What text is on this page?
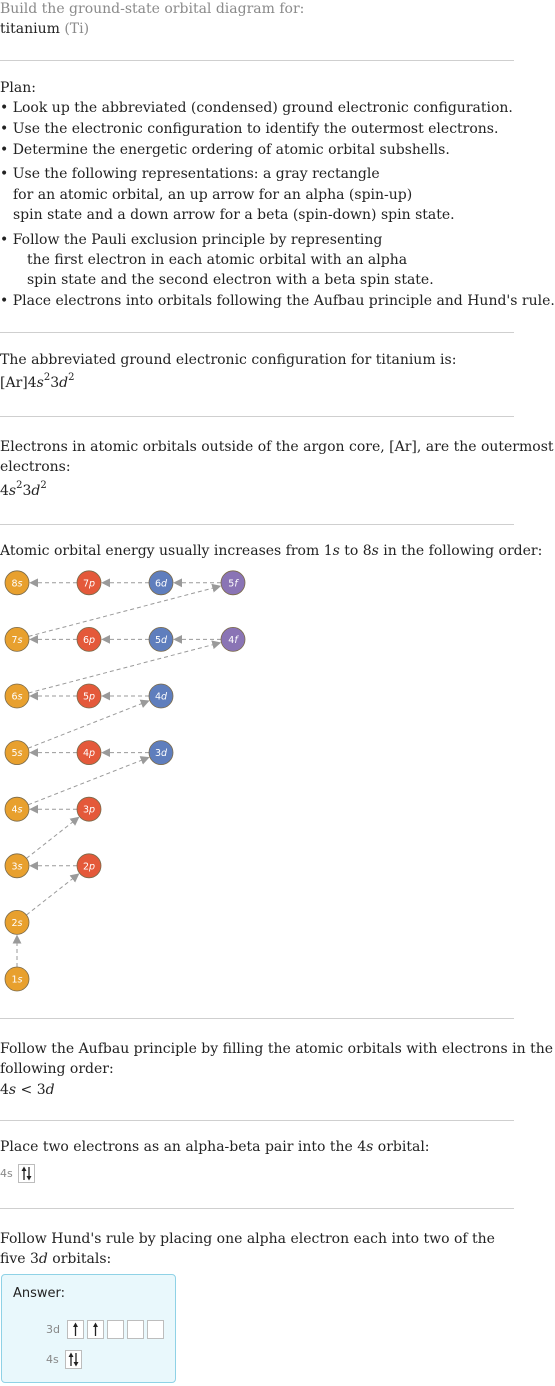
Build the ground-state orbital diagram for:
titanium (Ti)
Plan:
• Look up the abbreviated (condensed) ground electronic configuration.
• Use the electronic configuration to identify the outermost electrons.
• Determine the energetic ordering of atomic orbital subshells.
• Use the following representations: a gray rectangle
for an atomic orbital, an up arrow for an alpha (spin-up)
spin state and a down arrow for a beta (spin-down) spin state.
• Follow the Pauli exclusion principle by representing
the first electron in each atomic orbital with an alpha
spin state and the second electron with a beta spin state.
• Place electrons into orbitals following the Aufbau principle and Hund's rule.
The abbreviated ground electronic configuration for titanium is:
$[Ar]4s^23d^2$
Electrons in atomic orbitals outside of the argon core, [Ar], are the outermost
electrons:
$4s^23d^2$
Atomic orbital energy usually increases from 1s to 8s in the following order:
8s
7s
7p
6s
6p
6d
5s
5p
5d
5f
4s
4p
4d
4f
3s
3p
3d
2s
2p
1s
Follow the Aufbau principle by filling the atomic orbitals with electrons in the
following order:
4s < 3d
Place two electrons as an alpha-beta pair into the 4s orbital:
4s
Follow Hund's rule by placing one alpha electron each into two of the
five 3d orbitals:
Answer:
3d
4s
